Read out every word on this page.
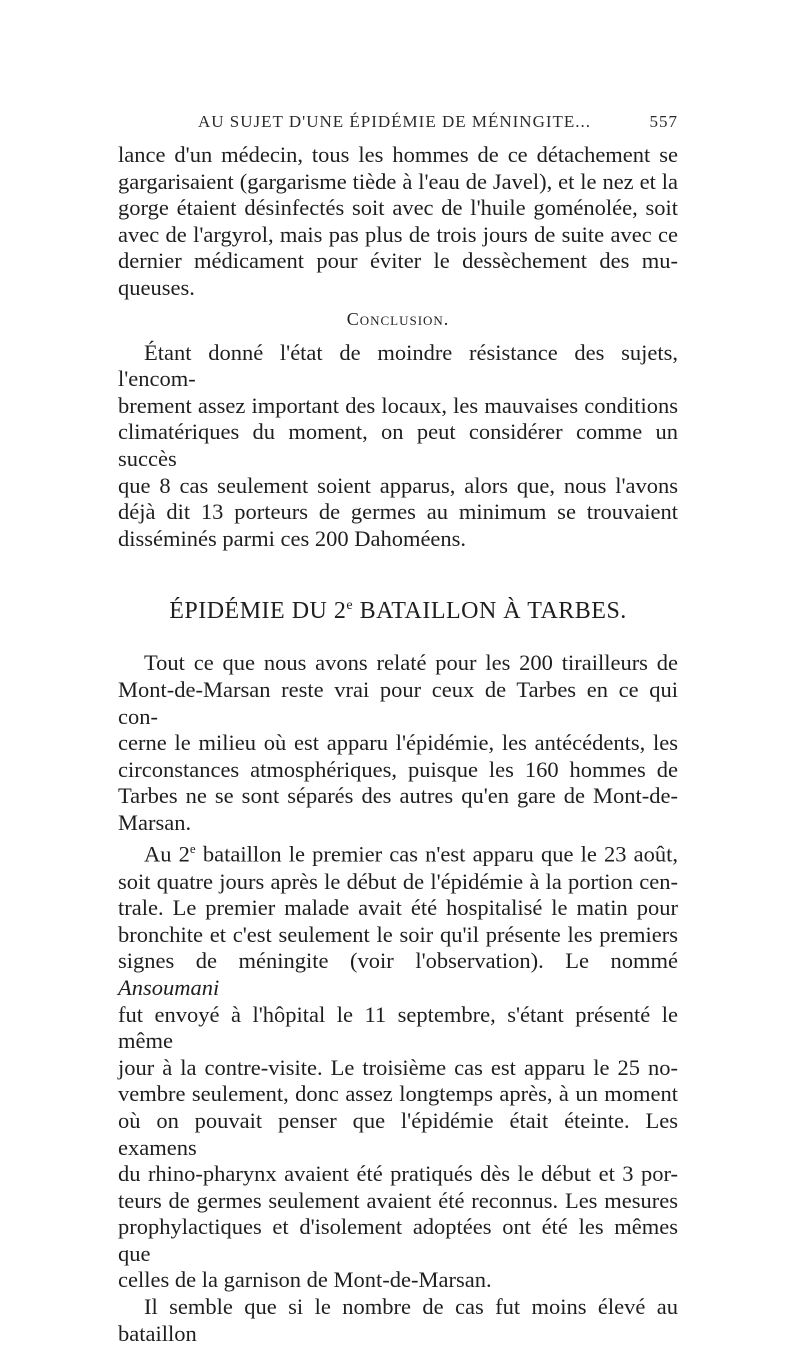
AU SUJET D'UNE ÉPIDÉMIE DE MÉNINGITE...	557

lance d'un médecin, tous les hommes de ce détachement se

gargarisaient (gargarisme tiède à l'eau de Javel), et le nez et la

gorge étaient désinfectés soit avec de l'huile goménolée, soit

avec de l'argyrol, mais pas plus de trois jours de suite avec ce

dernier médicament pour éviter le dessèchement des mu-

queuses.

Conclusion.

Étant donné l'état de moindre résistance des sujets, l'encom-

brement assez important des locaux, les mauvaises conditions

climatériques du moment, on peut considérer comme un succès

que 8 cas seulement soient apparus, alors que, nous l'avons

déjà dit 13 porteurs de germes au minimum se trouvaient

disséminés parmi ces 200 Dahoméens.

ÉPIDÉMIE DU 2e BATAILLON À TARBES.

Tout ce que nous avons relaté pour les 200 tirailleurs de

Mont-de-Marsan reste vrai pour ceux de Tarbes en ce qui con-

cerne le milieu où est apparu l'épidémie, les antécédents, les

circonstances atmosphériques, puisque les 160 hommes de

Tarbes ne se sont séparés des autres qu'en gare de Mont-de-

Marsan.

Au 2e bataillon le premier cas n'est apparu que le 23 août,

soit quatre jours après le début de l'épidémie à la portion cen-

trale. Le premier malade avait été hospitalisé le matin pour

bronchite et c'est seulement le soir qu'il présente les premiers

signes de méningite (voir l'observation). Le nommé Ansoumani

fut envoyé à l'hôpital le 11 septembre, s'étant présenté le même

jour à la contre-visite. Le troisième cas est apparu le 25 no-

vembre seulement, donc assez longtemps après, à un moment

où on pouvait penser que l'épidémie était éteinte. Les examens

du rhino-pharynx avaient été pratiqués dès le début et 3 por-

teurs de germes seulement avaient été reconnus. Les mesures

prophylactiques et d'isolement adoptées ont été les mêmes que

celles de la garnison de Mont-de-Marsan.

Il semble que si le nombre de cas fut moins élevé au bataillon
